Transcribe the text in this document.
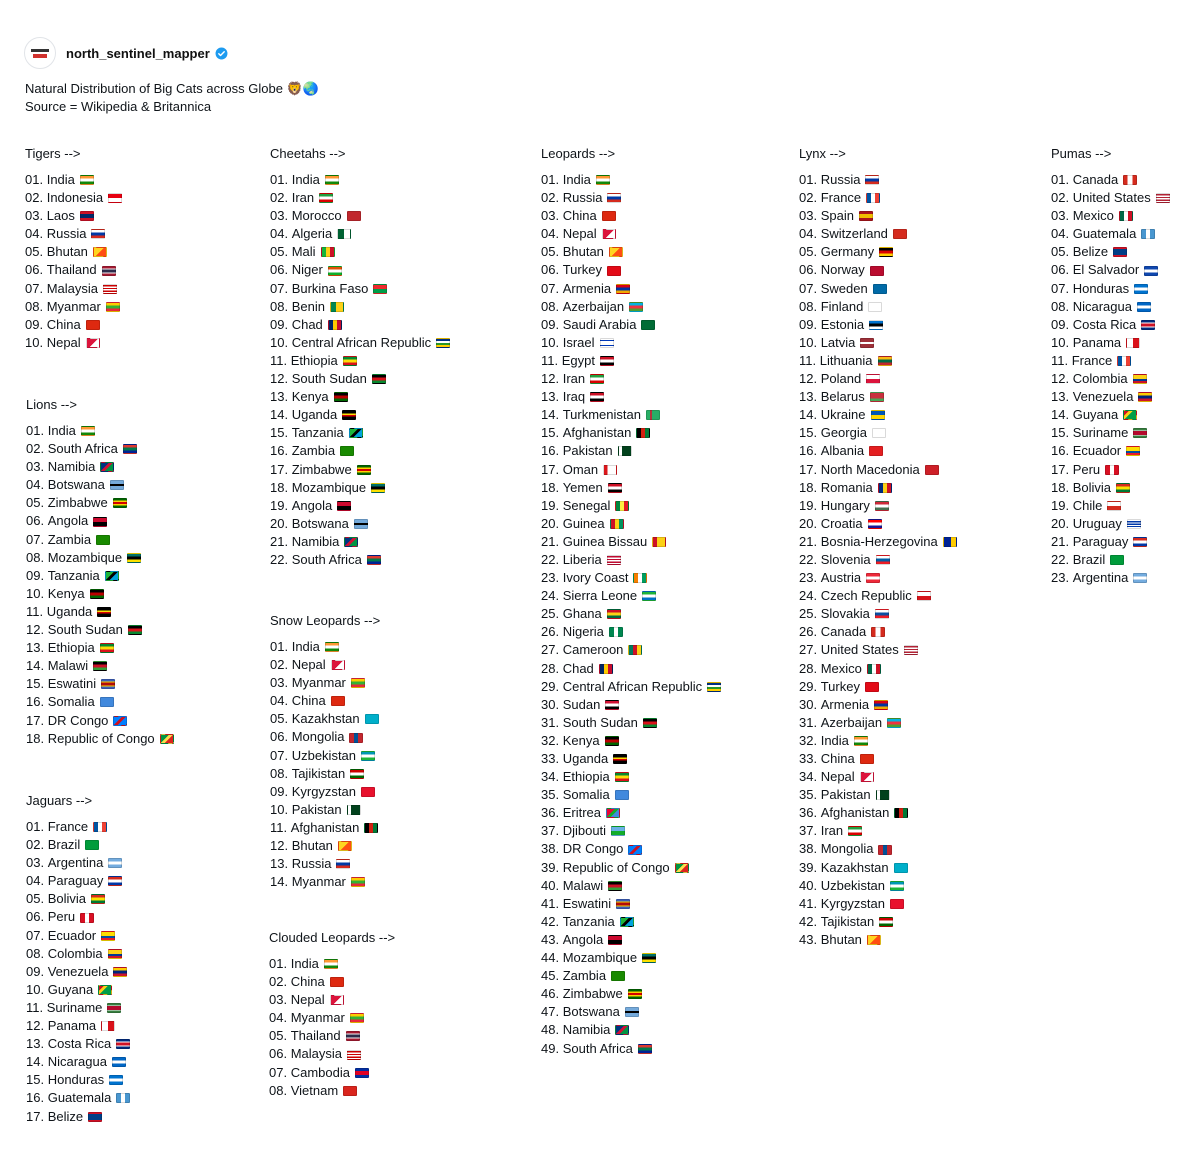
north_sentinel_mapper
Natural Distribution of Big Cats across Globe 🦁🌏
Source = Wikipedia & Britannica
Tigers -->
01.
India
02.
Indonesia
03.
Laos
04.
Russia
05.
Bhutan
06.
Thailand
07.
Malaysia
08.
Myanmar
09.
China
10.
Nepal
Lions -->
01.
India
02.
South Africa
03.
Namibia
04.
Botswana
05.
Zimbabwe
06.
Angola
07.
Zambia
08.
Mozambique
09.
Tanzania
10.
Kenya
11.
Uganda
12.
South Sudan
13.
Ethiopia
14.
Malawi
15.
Eswatini
16.
Somalia
17.
DR Congo
18.
Republic of Congo
Jaguars -->
01.
France
02.
Brazil
03.
Argentina
04.
Paraguay
05.
Bolivia
06.
Peru
07.
Ecuador
08.
Colombia
09.
Venezuela
10.
Guyana
11.
Suriname
12.
Panama
13.
Costa Rica
14.
Nicaragua
15.
Honduras
16.
Guatemala
17.
Belize
Cheetahs -->
01.
India
02.
Iran
03.
Morocco
04.
Algeria
05.
Mali
06.
Niger
07.
Burkina Faso
08.
Benin
09.
Chad
10.
Central African Republic
11.
Ethiopia
12.
South Sudan
13.
Kenya
14.
Uganda
15.
Tanzania
16.
Zambia
17.
Zimbabwe
18.
Mozambique
19.
Angola
20.
Botswana
21.
Namibia
22.
South Africa
Snow Leopards -->
01.
India
02.
Nepal
03.
Myanmar
04.
China
05.
Kazakhstan
06.
Mongolia
07.
Uzbekistan
08.
Tajikistan
09.
Kyrgyzstan
10.
Pakistan
11.
Afghanistan
12.
Bhutan
13.
Russia
14.
Myanmar
Clouded Leopards -->
01.
India
02.
China
03.
Nepal
04.
Myanmar
05.
Thailand
06.
Malaysia
07.
Cambodia
08.
Vietnam
Leopards -->
01.
India
02.
Russia
03.
China
04.
Nepal
05.
Bhutan
06.
Turkey
07.
Armenia
08.
Azerbaijan
09.
Saudi Arabia
10.
Israel
11.
Egypt
12.
Iran
13.
Iraq
14.
Turkmenistan
15.
Afghanistan
16.
Pakistan
17.
Oman
18.
Yemen
19.
Senegal
20.
Guinea
21.
Guinea Bissau
22.
Liberia
23.
Ivory Coast
24.
Sierra Leone
25.
Ghana
26.
Nigeria
27.
Cameroon
28.
Chad
29.
Central African Republic
30.
Sudan
31.
South Sudan
32.
Kenya
33.
Uganda
34.
Ethiopia
35.
Somalia
36.
Eritrea
37.
Djibouti
38.
DR Congo
39.
Republic of Congo
40.
Malawi
41.
Eswatini
42.
Tanzania
43.
Angola
44.
Mozambique
45.
Zambia
46.
Zimbabwe
47.
Botswana
48.
Namibia
49.
South Africa
Lynx -->
01.
Russia
02.
France
03.
Spain
04.
Switzerland
05.
Germany
06.
Norway
07.
Sweden
08.
Finland
09.
Estonia
10.
Latvia
11.
Lithuania
12.
Poland
13.
Belarus
14.
Ukraine
15.
Georgia
16.
Albania
17.
North Macedonia
18.
Romania
19.
Hungary
20.
Croatia
21.
Bosnia-Herzegovina
22.
Slovenia
23.
Austria
24.
Czech Republic
25.
Slovakia
26.
Canada
27.
United States
28.
Mexico
29.
Turkey
30.
Armenia
31.
Azerbaijan
32.
India
33.
China
34.
Nepal
35.
Pakistan
36.
Afghanistan
37.
Iran
38.
Mongolia
39.
Kazakhstan
40.
Uzbekistan
41.
Kyrgyzstan
42.
Tajikistan
43.
Bhutan
Pumas -->
01.
Canada
02.
United States
03.
Mexico
04.
Guatemala
05.
Belize
06.
El Salvador
07.
Honduras
08.
Nicaragua
09.
Costa Rica
10.
Panama
11.
France
12.
Colombia
13.
Venezuela
14.
Guyana
15.
Suriname
16.
Ecuador
17.
Peru
18.
Bolivia
19.
Chile
20.
Uruguay
21.
Paraguay
22.
Brazil
23.
Argentina
